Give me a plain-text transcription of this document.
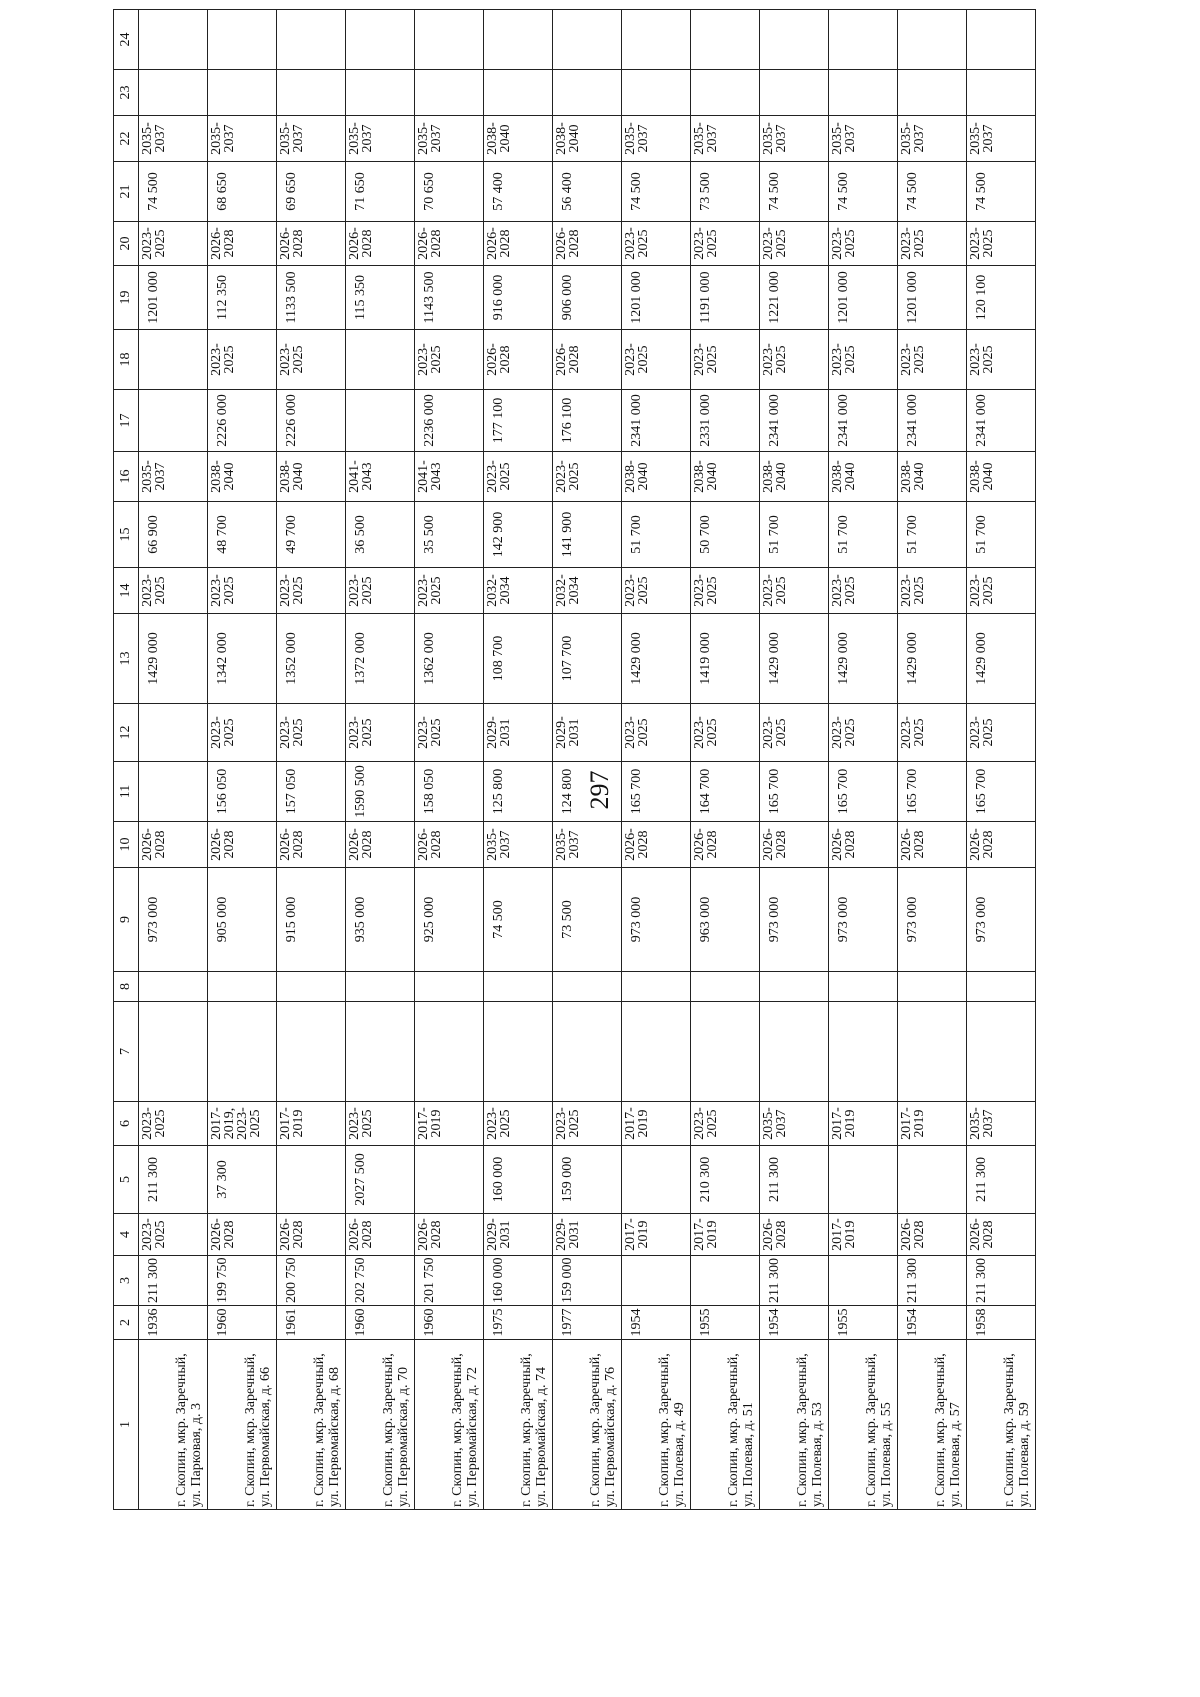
297
1	2	3	4	5	6	7	8	9	10	11	12	13	14	15	16	17	18	19	20	21	22	23	24
г. Скопин, мкр. Заречный, ул. Парковая, д. 3	1936	211 300	2023-2025	211 300	2023-2025			973 000	2026-2028			1429 000	2023-2025	66 900	2035-2037			1201 000	2023-2025	74 500	2035-2037		
г. Скопин, мкр. Заречный, ул. Первомайская, д. 66	1960	199 750	2026-2028	37 300	2017-2019, 2023-2025			905 000	2026-2028	156 050	2023-2025	1342 000	2023-2025	48 700	2038-2040	2226 000	2023-2025	112 350	2026-2028	68 650	2035-2037		
г. Скопин, мкр. Заречный, ул. Первомайская, д. 68	1961	200 750	2026-2028		2017-2019			915 000	2026-2028	157 050	2023-2025	1352 000	2023-2025	49 700	2038-2040	2226 000	2023-2025	1133 500	2026-2028	69 650	2035-2037		
г. Скопин, мкр. Заречный, ул. Первомайская, д. 70	1960	202 750	2026-2028	2027 500	2023-2025			935 000	2026-2028	1590 500	2023-2025	1372 000	2023-2025	36 500	2041-2043			115 350	2026-2028	71 650	2035-2037		
г. Скопин, мкр. Заречный, ул. Первомайская, д. 72	1960	201 750	2026-2028		2017-2019			925 000	2026-2028	158 050	2023-2025	1362 000	2023-2025	35 500	2041-2043	2236 000	2023-2025	1143 500	2026-2028	70 650	2035-2037		
г. Скопин, мкр. Заречный, ул. Первомайская, д. 74	1975	160 000	2029-2031	160 000	2023-2025			74 500	2035-2037	125 800	2029-2031	108 700	2032-2034	142 900	2023-2025	177 100	2026-2028	916 000	2026-2028	57 400	2038-2040		
г. Скопин, мкр. Заречный, ул. Первомайская, д. 76	1977	159 000	2029-2031	159 000	2023-2025			73 500	2035-2037	124 800	2029-2031	107 700	2032-2034	141 900	2023-2025	176 100	2026-2028	906 000	2026-2028	56 400	2038-2040		
г. Скопин, мкр. Заречный, ул. Полевая, д. 49	1954		2017-2019		2017-2019			973 000	2026-2028	165 700	2023-2025	1429 000	2023-2025	51 700	2038-2040	2341 000	2023-2025	1201 000	2023-2025	74 500	2035-2037		
г. Скопин, мкр. Заречный, ул. Полевая, д. 51	1955		2017-2019	210 300	2023-2025			963 000	2026-2028	164 700	2023-2025	1419 000	2023-2025	50 700	2038-2040	2331 000	2023-2025	1191 000	2023-2025	73 500	2035-2037		
г. Скопин, мкр. Заречный, ул. Полевая, д. 53	1954	211 300	2026-2028	211 300	2035-2037			973 000	2026-2028	165 700	2023-2025	1429 000	2023-2025	51 700	2038-2040	2341 000	2023-2025	1221 000	2023-2025	74 500	2035-2037		
г. Скопин, мкр. Заречный, ул. Полевая, д. 55	1955		2017-2019		2017-2019			973 000	2026-2028	165 700	2023-2025	1429 000	2023-2025	51 700	2038-2040	2341 000	2023-2025	1201 000	2023-2025	74 500	2035-2037		
г. Скопин, мкр. Заречный, ул. Полевая, д. 57	1954	211 300	2026-2028		2017-2019			973 000	2026-2028	165 700	2023-2025	1429 000	2023-2025	51 700	2038-2040	2341 000	2023-2025	1201 000	2023-2025	74 500	2035-2037		
г. Скопин, мкр. Заречный, ул. Полевая, д. 59	1958	211 300	2026-2028	211 300	2035-2037			973 000	2026-2028	165 700	2023-2025	1429 000	2023-2025	51 700	2038-2040	2341 000	2023-2025	120 100	2023-2025	74 500	2035-2037		
